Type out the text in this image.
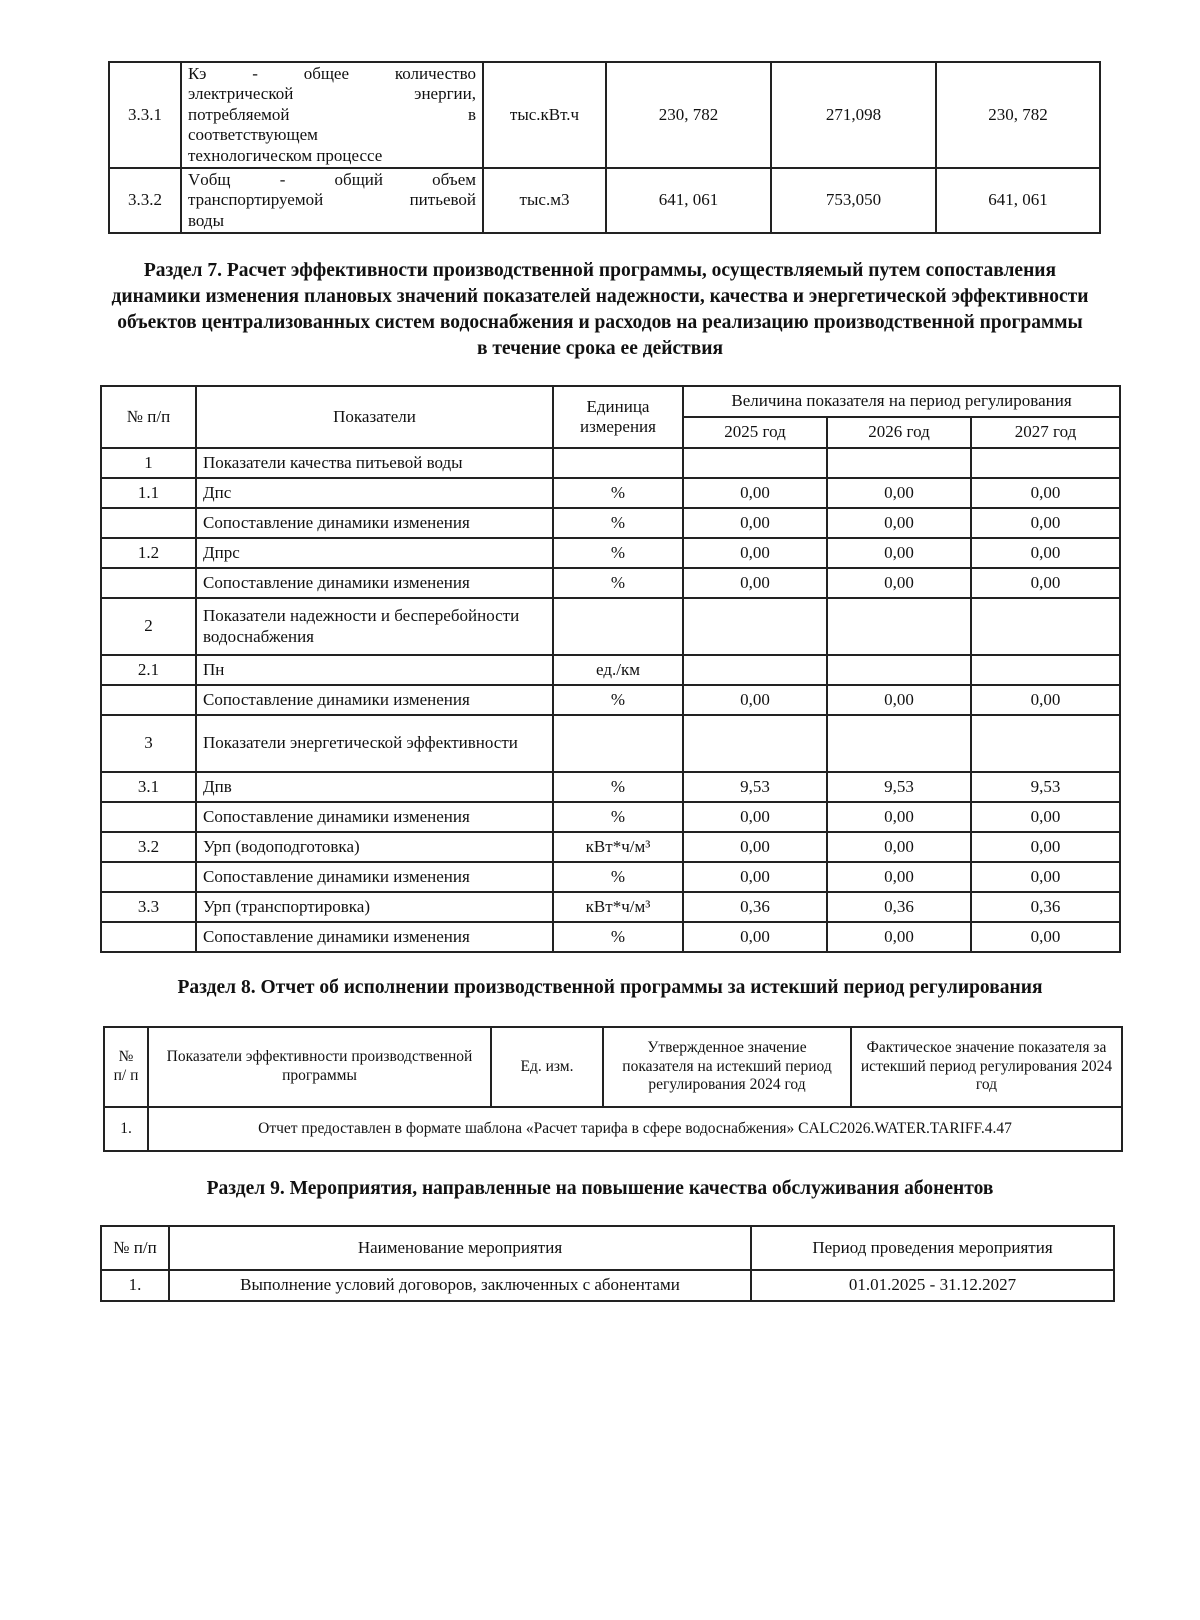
3.3.1	Кэ - общее количество
электрической энергии,
потребляемой в
соответствующем
технологическом процессе	тыс.кВт.ч	230, 782	271,098	230, 782
3.3.2	Vобщ - общий объем
транспортируемой питьевой
воды	тыс.м3	641, 061	753,050	641, 061
Раздел 7. Расчет эффективности производственной программы, осуществляемый путем сопоставления динамики изменения плановых значений показателей надежности, качества и энергетической эффективности объектов централизованных систем водоснабжения и расходов на реализацию производственной программы в течение срока ее действия
№ п/п	Показатели	Единица измерения	Величина показателя на период регулирования		
			2025 год	2026 год	2027 год
1	Показатели качества питьевой воды				
1.1	Дпс	%	0,00	0,00	0,00
	Сопоставление динамики изменения	%	0,00	0,00	0,00
1.2	Дпрс	%	0,00	0,00	0,00
	Сопоставление динамики изменения	%	0,00	0,00	0,00
2	Показатели надежности и бесперебойности водоснабжения				
2.1	Пн	ед./км			
	Сопоставление динамики изменения	%	0,00	0,00	0,00
3	Показатели энергетической эффективности				
3.1	Дпв	%	9,53	9,53	9,53
	Сопоставление динамики изменения	%	0,00	0,00	0,00
3.2	Урп (водоподготовка)	кВт*ч/м³	0,00	0,00	0,00
	Сопоставление динамики изменения	%	0,00	0,00	0,00
3.3	Урп (транспортировка)	кВт*ч/м³	0,36	0,36	0,36
	Сопоставление динамики изменения	%	0,00	0,00	0,00
Раздел 8. Отчет об исполнении производственной программы за истекший период регулирования
№ п/ п	Показатели эффективности производственной программы	Ед. изм.	Утвержденное значение показателя на истекший период регулирования 2024 год	Фактическое значение показателя за истекший период регулирования 2024 год
1.	Отчет предоставлен в формате шаблона «Расчет тарифа в сфере водоснабжения» CALC2026.WATER.TARIFF.4.47			
Раздел 9. Мероприятия, направленные на повышение качества обслуживания абонентов
№ п/п	Наименование мероприятия	Период проведения мероприятия
1.	Выполнение условий договоров, заключенных с абонентами	01.01.2025 - 31.12.2027
